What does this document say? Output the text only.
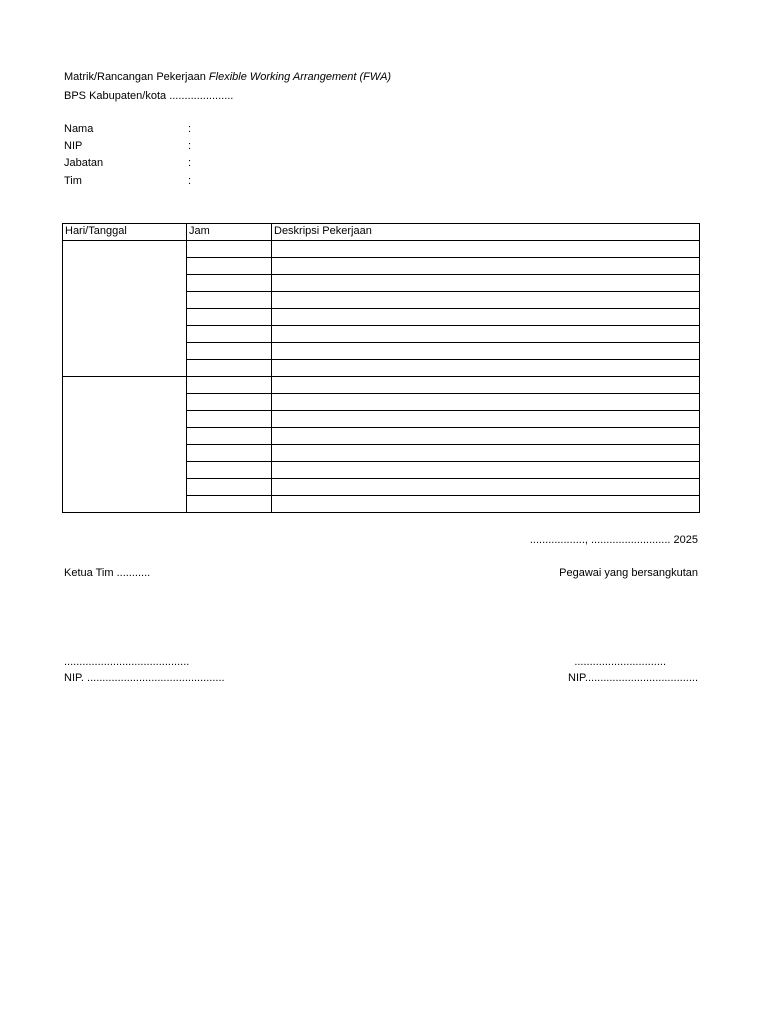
Matrik/Rancangan Pekerjaan Flexible Working Arrangement (FWA)
BPS Kabupaten/kota .....................
Nama	:
NIP	:
Jabatan	:
Tim	:
Hari/Tanggal	Jam	Deskripsi Pekerjaan

.................., .......................... 2025
Ketua Tim ...........	Pegawai yang bersangkutan
.........................................	..............................
NIP. .............................................	NIP.....................................
